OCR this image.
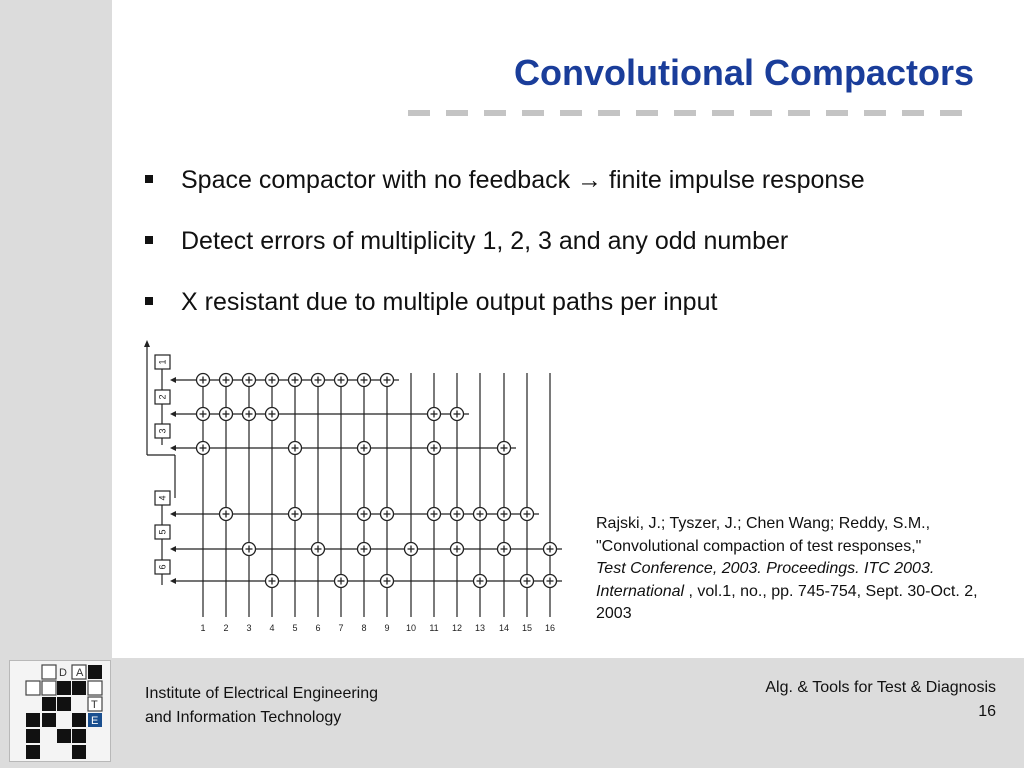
Convolutional Compactors
Space compactor with no feedback → finite impulse response
Detect errors of multiplicity 1, 2, 3 and any odd number
X resistant due to multiple output paths per input
1 2 3 4 5 6 7 8 9 10 11 12 13 14 15 16
1
2
3
4
5
6
Rajski, J.; Tyszer, J.; Chen Wang; Reddy, S.M.,
"Convolutional compaction of test responses,"
Test Conference, 2003. Proceedings. ITC 2003. International , vol.1, no., pp. 745-754, Sept. 30-Oct. 2, 2003
D A
T
E
Institute of Electrical Engineering
and Information Technology
Alg. & Tools for Test & Diagnosis
16
